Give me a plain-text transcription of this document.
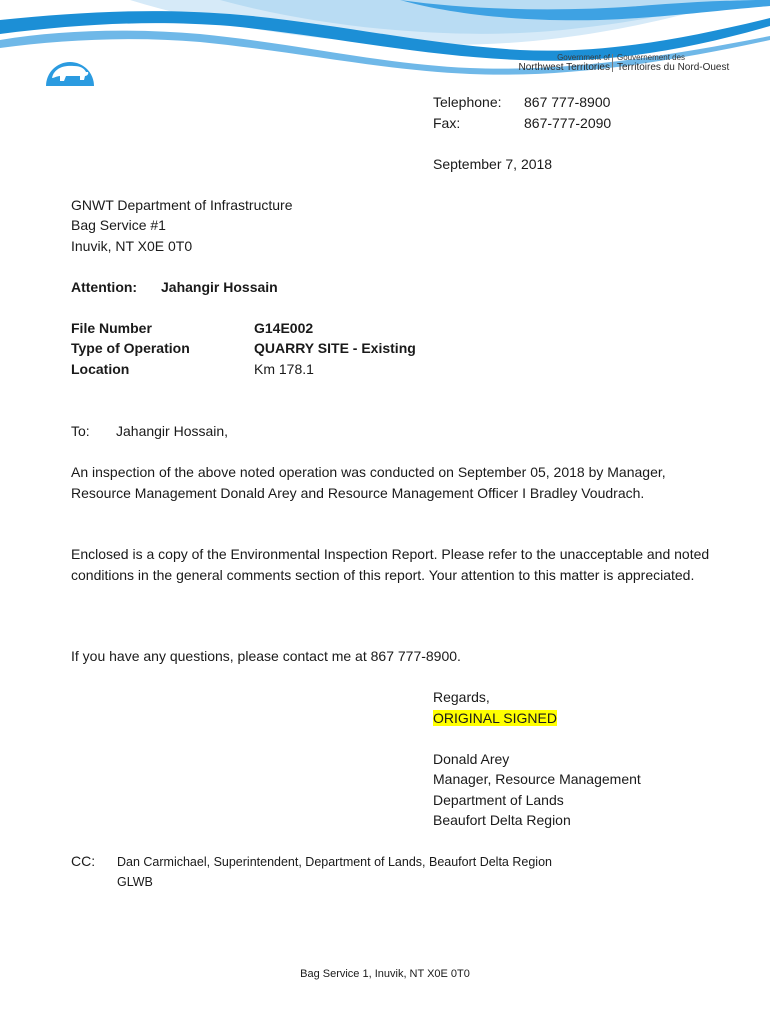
Government of
Northwest Territories
Gouvernement des
Territoires du Nord-Ouest
Telephone: 867 777-8900
Fax:	867-777-2090
September 7, 2018
GNWT Department of Infrastructure
Bag Service #1
Inuvik, NT X0E 0T0
Attention: Jahangir Hossain
File Number	G14E002
Type of Operation	QUARRY SITE - Existing
Location	Km 178.1
To: Jahangir Hossain,
An inspection of the above noted operation was conducted on September 05, 2018 by Manager, Resource Management Donald Arey and Resource Management Officer I Bradley Voudrach.
Enclosed is a copy of the Environmental Inspection Report. Please refer to the unacceptable and noted conditions in the general comments section of this report. Your attention to this matter is appreciated.
If you have any questions, please contact me at 867 777-8900.
Regards,
ORIGINAL SIGNED
Donald Arey
Manager, Resource Management
Department of Lands
Beaufort Delta Region
CC: Dan Carmichael, Superintendent, Department of Lands, Beaufort Delta Region
GLWB
Bag Service 1, Inuvik, NT X0E 0T0
